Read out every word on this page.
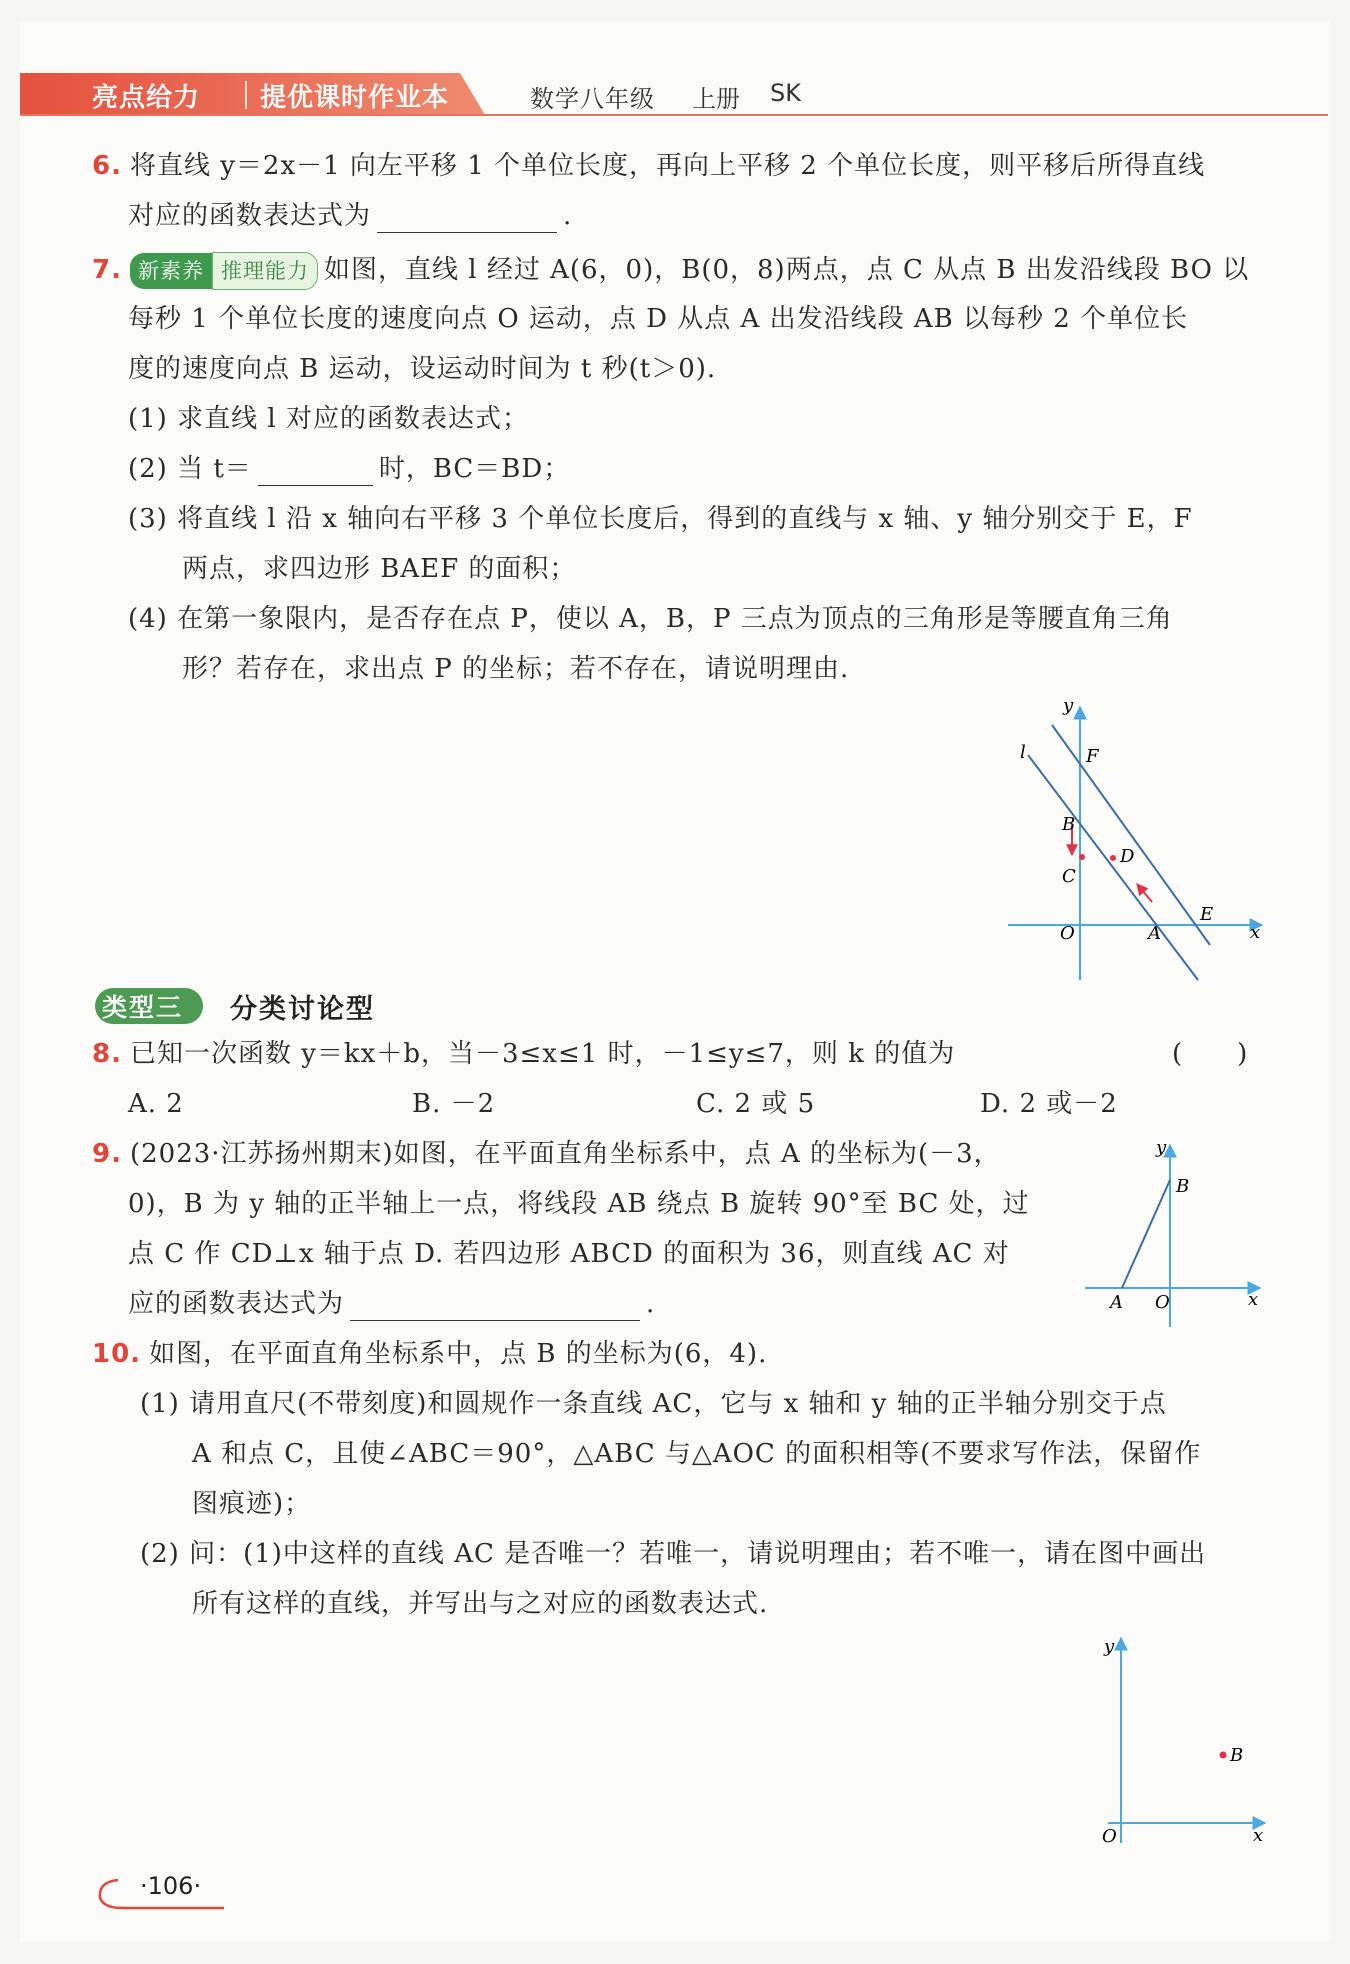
亮点给力 提优课时作业本	数学八年级 上册 SK
6. 将直线 y＝2x－1 向左平移 1 个单位长度，再向上平移 2 个单位长度，则平移后所得直线
对应的函数表达式为	.
7. 新素养 推理能力 如图，直线 l 经过 A(6，0)，B(0，8)两点，点 C 从点 B 出发沿线段 BO 以
每秒 1 个单位长度的速度向点 O 运动，点 D 从点 A 出发沿线段 AB 以每秒 2 个单位长
度的速度向点 B 运动，设运动时间为 t 秒(t＞0).
(1) 求直线 l 对应的函数表达式；
(2) 当 t＝	时，BC＝BD；
(3) 将直线 l 沿 x 轴向右平移 3 个单位长度后，得到的直线与 x 轴、y 轴分别交于 E，F
两点，求四边形 BAEF 的面积；
(4) 在第一象限内，是否存在点 P，使以 A，B，P 三点为顶点的三角形是等腰直角三角
形？若存在，求出点 P 的坐标；若不存在，请说明理由.
y
x
O
l	F
B
C
D
E
A
类型三 分类讨论型
8. 已知一次函数 y＝kx＋b，当－3≤x≤1 时，－1≤y≤7，则 k 的值为	(　　)
A. 2	B. －2	C. 2 或 5	D. 2 或－2
9. (2023·江苏扬州期末)如图，在平面直角坐标系中，点 A 的坐标为(－3，
0)，B 为 y 轴的正半轴上一点，将线段 AB 绕点 B 旋转 90°至 BC 处，过
点 C 作 CD⊥x 轴于点 D. 若四边形 ABCD 的面积为 36，则直线 AC 对
应的函数表达式为	.
y
x
B
A O
10. 如图，在平面直角坐标系中，点 B 的坐标为(6，4).
(1) 请用直尺(不带刻度)和圆规作一条直线 AC，它与 x 轴和 y 轴的正半轴分别交于点
A 和点 C，且使∠ABC＝90°，△ABC 与△AOC 的面积相等(不要求写作法，保留作
图痕迹)；
(2) 问：(1)中这样的直线 AC 是否唯一？若唯一，请说明理由；若不唯一，请在图中画出
所有这样的直线，并写出与之对应的函数表达式.
y
x
O
B
·106·
